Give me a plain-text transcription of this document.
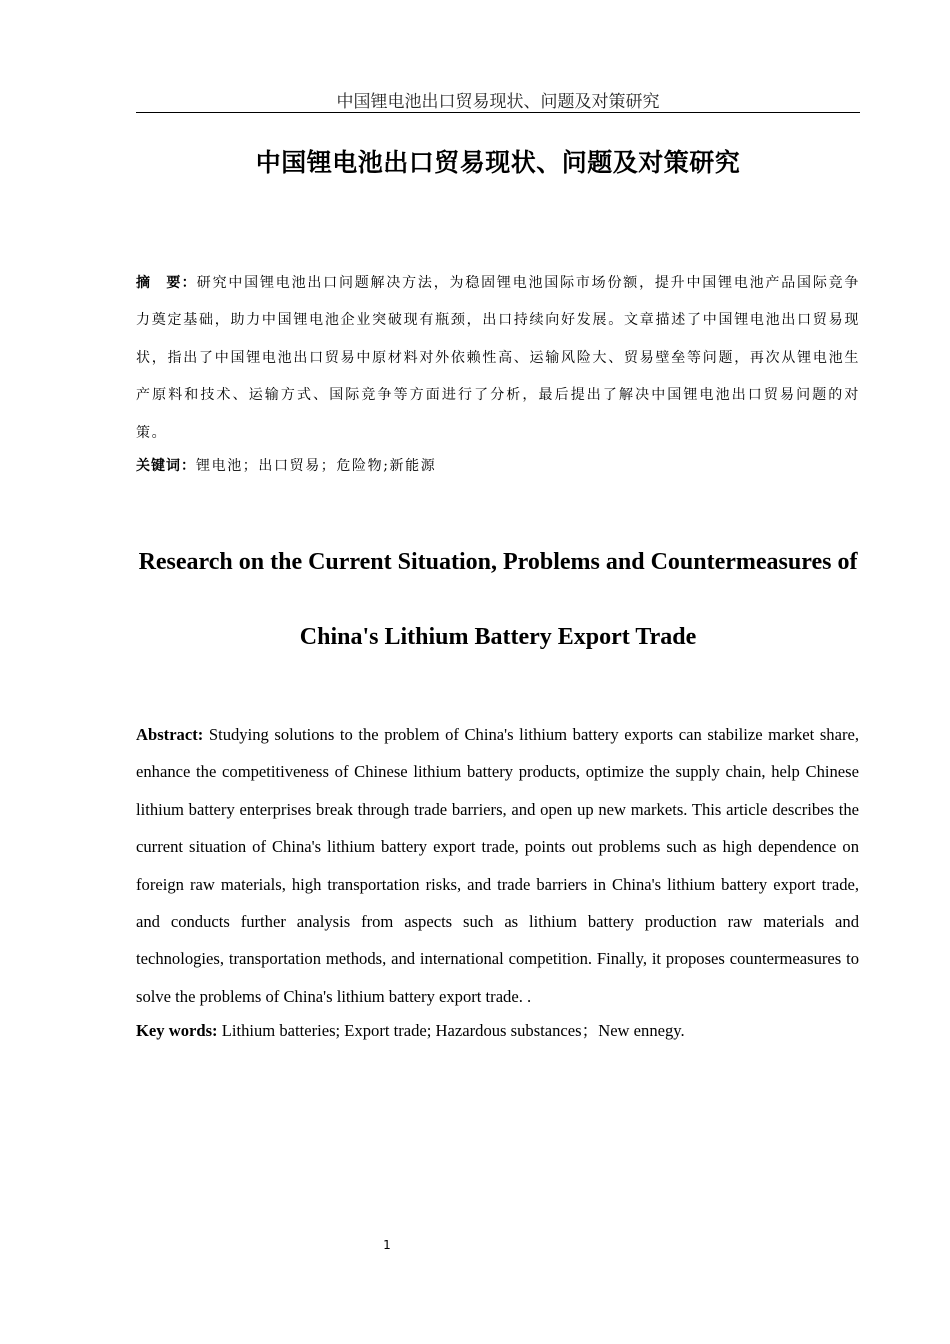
中国锂电池出口贸易现状、问题及对策研究
中国锂电池出口贸易现状、问题及对策研究
摘　要：研究中国锂电池出口问题解决方法，为稳固锂电池国际市场份额，提升中国锂电池产品国际竞争力奠定基础，助力中国锂电池企业突破现有瓶颈，出口持续向好发展。文章描述了中国锂电池出口贸易现状，指出了中国锂电池出口贸易中原材料对外依赖性高、运输风险大、贸易壁垒等问题，再次从锂电池生产原料和技术、运输方式、国际竞争等方面进行了分析，最后提出了解决中国锂电池出口贸易问题的对策。
关键词：锂电池；出口贸易；危险物;新能源
Research on the Current Situation, Problems and Countermeasures of
China's Lithium Battery Export Trade
Abstract: Studying solutions to the problem of China's lithium battery exports can stabilize market share, enhance the competitiveness of Chinese lithium battery products, optimize the supply chain, help Chinese lithium battery enterprises break through trade barriers, and open up new markets. This article describes the current situation of China's lithium battery export trade, points out problems such as high dependence on foreign raw materials, high transportation risks, and trade barriers in China's lithium battery export trade, and conducts further analysis from aspects such as lithium battery production raw materials and technologies, transportation methods, and international competition. Finally, it proposes countermeasures to solve the problems of China's lithium battery export trade. .
Key words: Lithium batteries; Export trade; Hazardous substances；New ennegy.
1
